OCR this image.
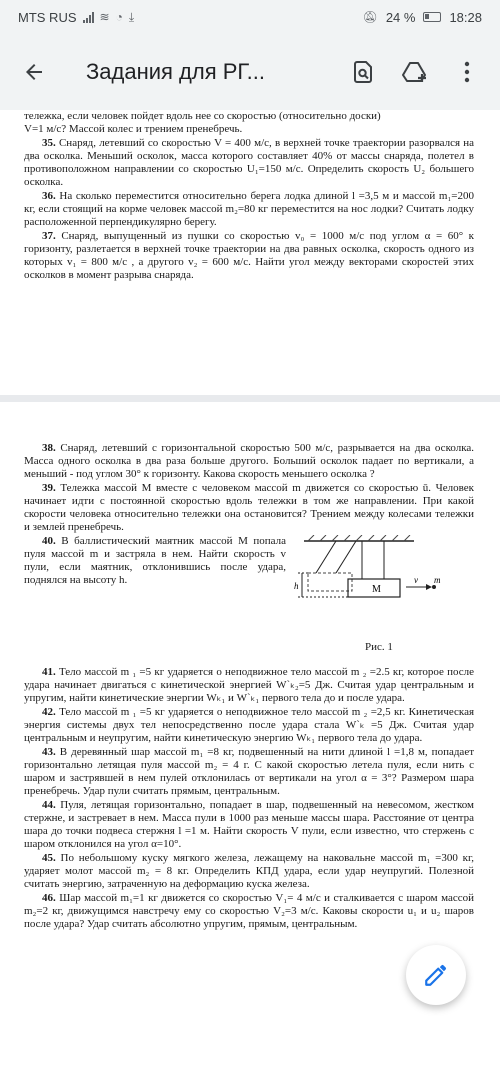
MTS RUS ≋ ◔ ⤓	🔕︎ 24 %	18:28
Задания для РГ...
тележка, если человек пойдет вдоль нее со скоростью (относительно доски)
V=1 м/с? Массой колес и трением пренебречь.
35. Снаряд, летевший со скоростью V = 400 м/с, в верхней точке траектории разорвался на два осколка. Меньший осколок, масса которого составляет 40% от массы снаряда, полетел в противоположном направлении со скоростью U₁=150 м/с. Определить скорость U₂ большего осколка.
36. На сколько переместится относительно берега лодка длиной l =3,5 м и массой m₁=200 кг, если стоящий на корме человек массой m₂=80 кг переместится на нос лодки? Считать лодку расположенной перпендикулярно берегу.
37. Снаряд, выпущенный из пушки со скоростью v₀ = 1000 м/с под углом α = 60° к горизонту, разлетается в верхней точке траектории на два равных осколка, скорость одного из которых v₁ = 800 м/с , а другого v₂ = 600 м/с. Найти угол между векторами скоростей этих осколков в момент разрыва снаряда.
38. Снаряд, летевший с горизонтальной скоростью 500 м/с, разрывается на два осколка. Масса одного осколка в два раза больше другого. Больший осколок падает по вертикали, а меньший - под углом 30° к горизонту. Какова скорость меньшего осколка ?
39. Тележка массой M вместе с человеком массой m движется со скоростью ū. Человек начинает идти с постоянной скоростью вдоль тележки в том же направлении. При какой скорости человека относительно тележки она остановится? Трением между колесами тележки и землей пренебречь.
40. В баллистический маятник массой M попала пуля массой m и застряла в нем. Найти скорость v пули, если маятник, отклонившись после удара, поднялся на высоту h.
M
v m
h
Рис. 1
41. Тело массой m ₁ =5 кг ударяется о неподвижное тело массой m ₂ =2.5 кг, которое после удара начинает двигаться с кинетической энергией W`ₖ₂=5 Дж. Считая удар центральным и упругим, найти кинетические энергии Wₖ₁ и W`ₖ₁ первого тела до и после удара.
42. Тело массой m ₁ =5 кг ударяется о неподвижное тело массой m ₂ =2,5 кг. Кинетическая энергия системы двух тел непосредственно после удара стала W`ₖ =5 Дж. Считая удар центральным и неупругим, найти кинетическую энергию Wₖ₁ первого тела до удара.
43. В деревянный шар массой m₁ =8 кг, подвешенный на нити длиной l =1,8 м, попадает горизонтально летящая пуля массой m₂ = 4 г. С какой скоростью летела пуля, если нить с шаром и застрявшей в нем пулей отклонилась от вертикали на угол α = 3°? Размером шара пренебречь. Удар пули считать прямым, центральным.
44. Пуля, летящая горизонтально, попадает в шар, подвешенный на невесомом, жестком стержне, и застревает в нем. Масса пули в 1000 раз меньше массы шара. Расстояние от центра шара до точки подвеса стержня l =1 м. Найти скорость V пули, если известно, что стержень с шаром отклонился на угол α=10°.
45. По небольшому куску мягкого железа, лежащему на наковальне массой m₁ =300 кг, ударяет молот массой m₂ = 8 кг. Определить КПД удара, если удар неупругий. Полезной считать энергию, затраченную на деформацию куска железа.
46. Шар массой m₁=1 кг движется со скоростью V₁= 4 м/с и сталкивается с шаром массой m₂=2 кг, движущимся навстречу ему со скоростью V₂=3 м/с. Каковы скорости u₁ и u₂ шаров после удара? Удар считать абсолютно упругим, прямым, центральным.
